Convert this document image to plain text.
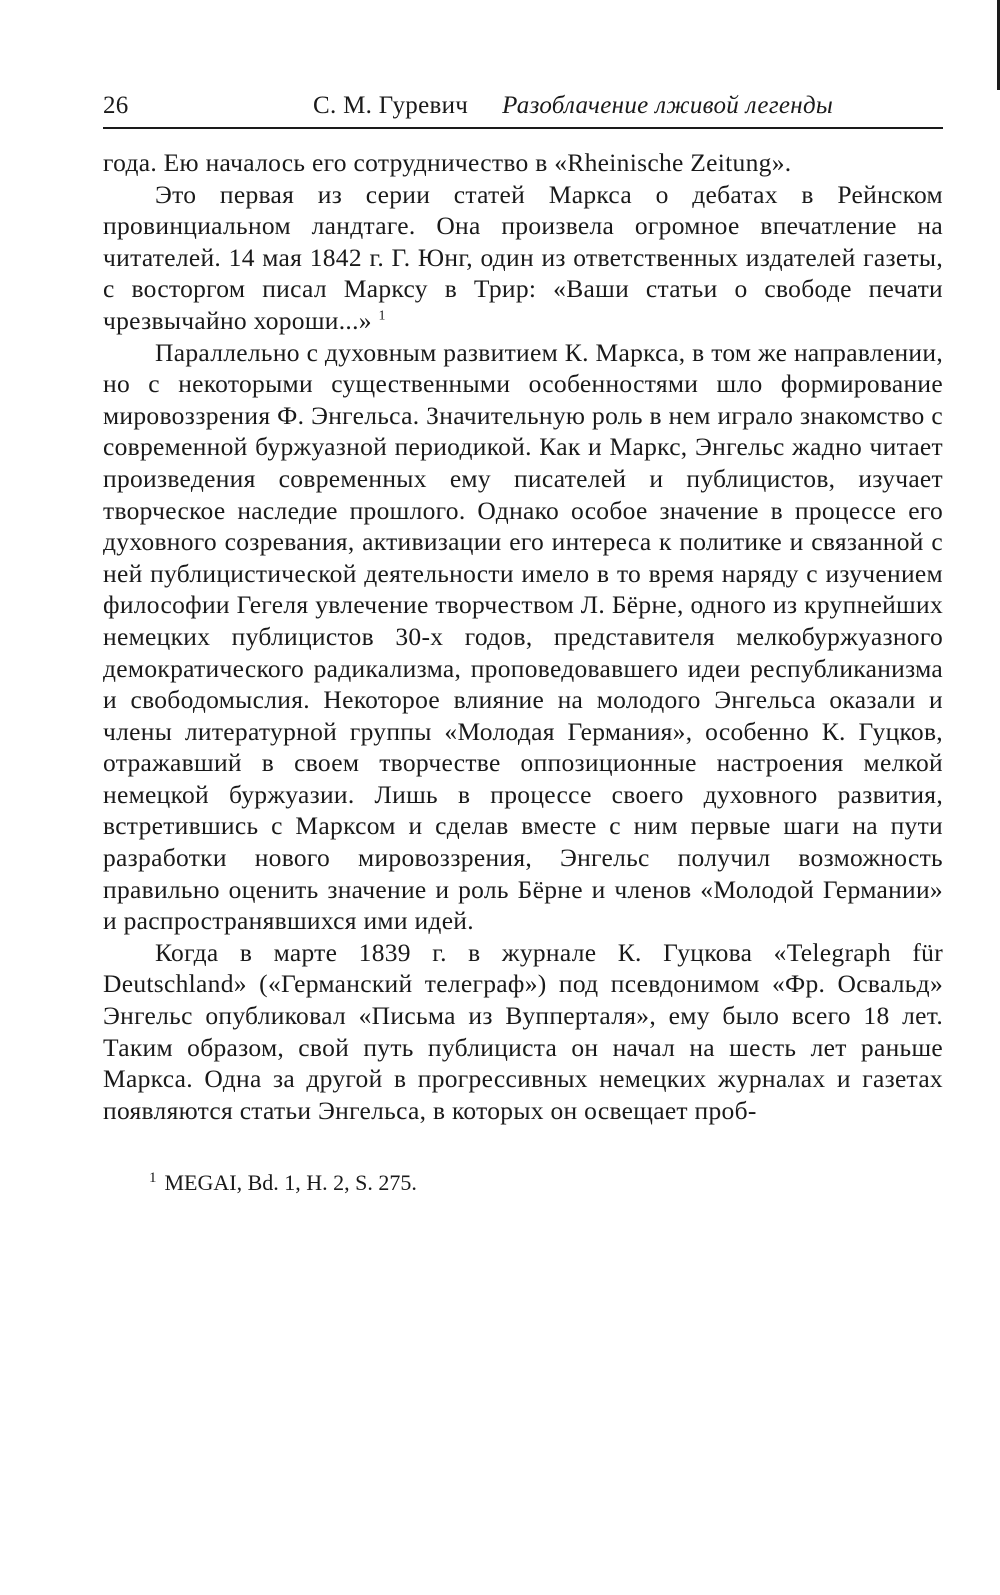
26	С. М. Гуревич Разоблачение лживой легенды

года. Ею началось его сотрудничество в «Rheinische Zeitung».

Это первая из серии статей Маркса о дебатах в Рейнском провинциальном ландтаге. Она произвела огромное впечатление на читателей. 14 мая 1842 г. Г. Юнг, один из ответственных издателей газеты, с восторгом писал Марксу в Трир: «Ваши статьи о свободе печати чрезвычайно хороши...» $^1$

Параллельно с духовным развитием К. Маркса, в том же направлении, но с некоторыми существенными особенностями шло формирование мировоззрения Ф. Энгельса. Значительную роль в нем играло знакомство с современной буржуазной периодикой. Как и Маркс, Энгельс жадно читает произведения современных ему писателей и публицистов, изучает творческое наследие прошлого. Однако особое значение в процессе его духовного созревания, активизации его интереса к политике и связанной с ней публицистической деятельности имело в то время наряду с изучением философии Гегеля увлечение творчеством Л. Бёрне, одного из крупнейших немецких публицистов 30-х годов, представителя мелкобуржуазного демократического радикализма, проповедовавшего идеи республиканизма и свободомыслия. Некоторое влияние на молодого Энгельса оказали и члены литературной группы «Молодая Германия», особенно К. Гуцков, отражавший в своем творчестве оппозиционные настроения мелкой немецкой буржуазии. Лишь в процессе своего духовного развития, встретившись с Марксом и сделав вместе с ним первые шаги на пути разработки нового мировоззрения, Энгельс получил возможность правильно оценить значение и роль Бёрне и членов «Молодой Германии» и распространявшихся ими идей.

Когда в марте 1839 г. в журнале К. Гуцкова «Telegraph für Deutschland» («Германский телеграф») под псевдонимом «Фр. Освальд» Энгельс опубликовал «Письма из Вупперталя», ему было всего 18 лет. Таким образом, свой путь публициста он начал на шесть лет раньше Маркса. Одна за другой в прогрессивных немецких журналах и газетах появляются статьи Энгельса, в которых он освещает проб-

$^1$ MEGAI, Bd. 1, H. 2, S. 275.
